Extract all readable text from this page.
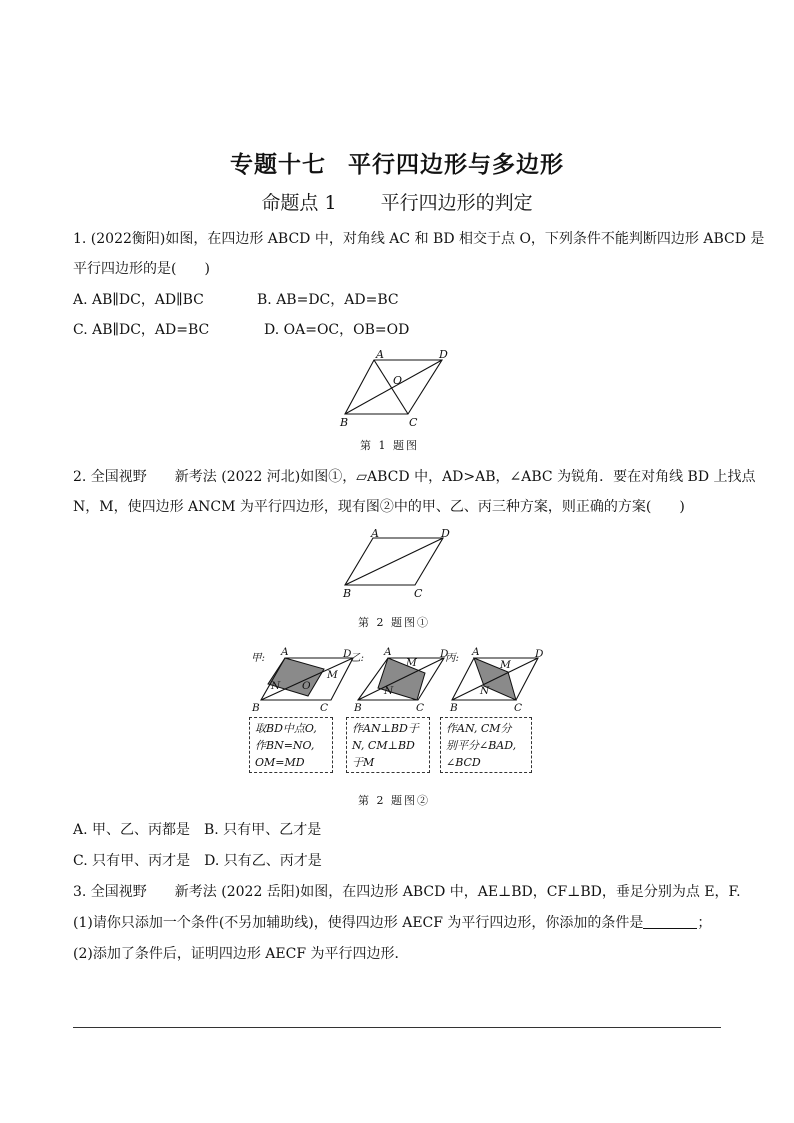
专题十七 平行四边形与多边形
命题点 1 平行四边形的判定
1. (2022衡阳)如图，在四边形 ABCD 中，对角线 AC 和 BD 相交于点 O，下列条件不能判断四边形 ABCD 是
平行四边形的是(　　)
A. AB∥DC，AD∥BC	B. AB=DC，AD=BC
C. AB∥DC，AD=BC	D. OA=OC，OB=OD
A	D
O
B	C
第 1 题图
2. 全国视野　　新考法 (2022 河北)如图①，▱ABCD 中，AD>AB，∠ABC 为锐角．要在对角线 BD 上找点
N，M，使四边形 ANCM 为平行四边形，现有图②中的甲、乙、丙三种方案，则正确的方案(　　)
A	D
B	C
第 2 题图①
甲: A	D
B	C
N
M
O
取BD中点O,
作BN=NO,
OM=MD
乙: A	D
B	C
N
M
作AN⊥BD于
N, CM⊥BD
于M
丙: A	D
B	C
N
M
作AN, CM分
别平分∠BAD,
∠BCD
第 2 题图②
A. 甲、乙、丙都是　 B. 只有甲、乙才是
C. 只有甲、丙才是　 D. 只有乙、丙才是
3. 全国视野　　新考法 (2022 岳阳)如图，在四边形 ABCD 中，AE⊥BD，CF⊥BD，垂足分别为点 E，F.
(1)请你只添加一个条件(不另加辅助线)，使得四边形 AECF 为平行四边形，你添加的条件是	；
(2)添加了条件后，证明四边形 AECF 为平行四边形．
